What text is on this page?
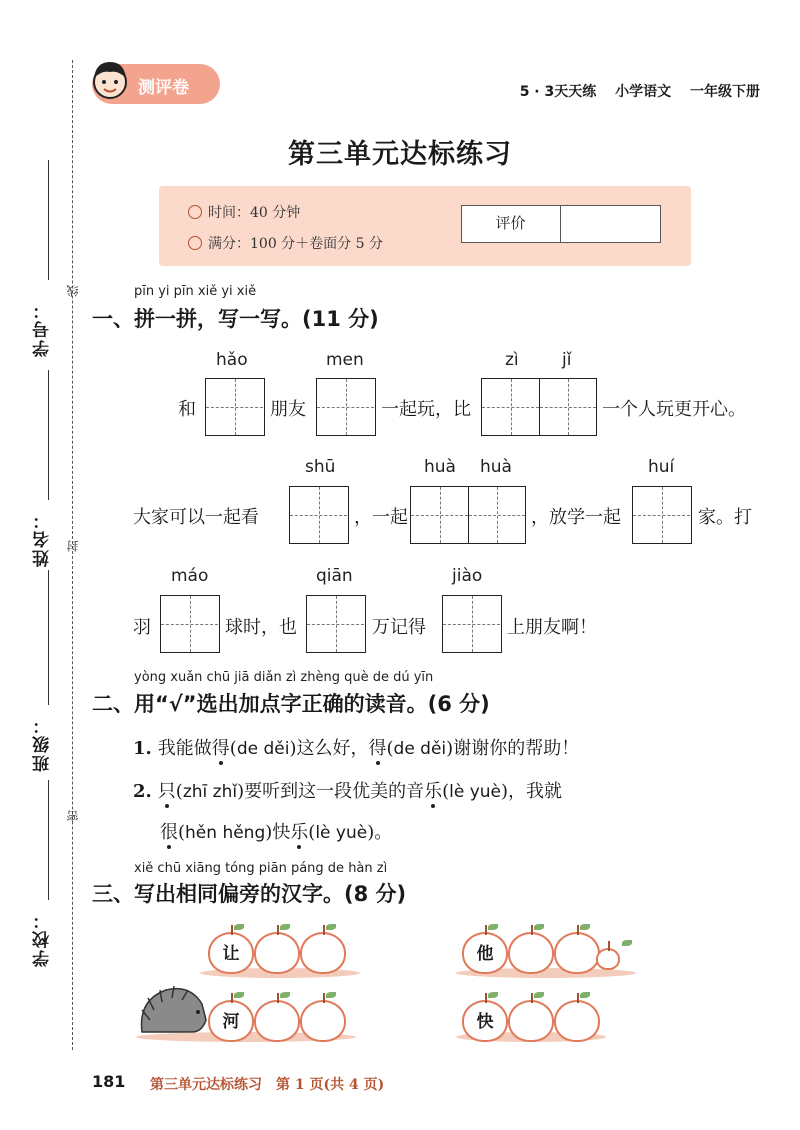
学号：
姓名：
班级：
学校：
线
封
密
测评卷	5 · 3天天练 小学语文 一年级下册
第三单元达标练习
时间：40 分钟
满分：100 分＋卷面分 5 分
评价
pīn yi pīn xiě yi xiě
一、拼一拼，写一写。(11 分)
hǎo	men	zì	jǐ
和	朋友	一起玩，比	一个人玩更开心。
shū	huà huà	huí
大家可以一起看	，一起	，放学一起	家。打
máo	qiān	jiào
羽	球时，也	万记得	上朋友啊！
yòng xuǎn chū jiā diǎn zì zhèng què de dú yīn
二、用“√”选出加点字正确的读音。(6 分)
1. 我能做得(de děi)这么好，得(de děi)谢谢你的帮助！
2. 只(zhī zhǐ)要听到这一段优美的音乐(lè yuè)，我就
很(hěn hěng)快乐(lè yuè)。
xiě chū xiāng tóng piān páng de hàn zì
三、写出相同偏旁的汉字。(8 分)
让	他
河	快
181 第三单元达标练习 第 1 页(共 4 页)
